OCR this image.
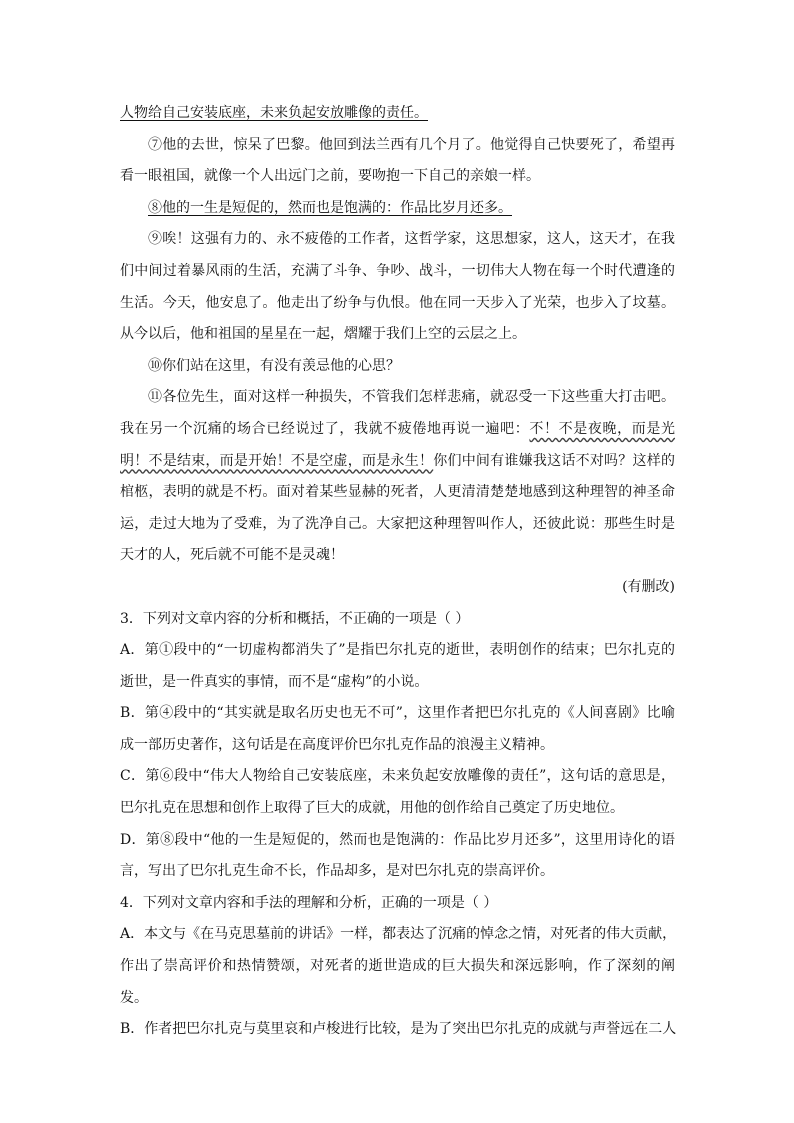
人物给自己安装底座，未来负起安放雕像的责任。
⑦他的去世，惊呆了巴黎。他回到法兰西有几个月了。他觉得自己快要死了，希望再
看一眼祖国，就像一个人出远门之前，要吻抱一下自己的亲娘一样。
⑧他的一生是短促的，然而也是饱满的：作品比岁月还多。
⑨唉！这强有力的、永不疲倦的工作者，这哲学家，这思想家，这人，这天才，在我
们中间过着暴风雨的生活，充满了斗争、争吵、战斗，一切伟大人物在每一个时代遭逢的
生活。今天，他安息了。他走出了纷争与仇恨。他在同一天步入了光荣，也步入了坟墓。
从今以后，他和祖国的星星在一起，熠耀于我们上空的云层之上。
⑩你们站在这里，有没有羡忌他的心思？
⑪各位先生，面对这样一种损失，不管我们怎样悲痛，就忍受一下这些重大打击吧。
我在另一个沉痛的场合已经说过了，我就不疲倦地再说一遍吧：不！不是夜晚，而是光
明！不是结束，而是开始！不是空虚，而是永生！你们中间有谁嫌我这话不对吗？这样的
棺柩，表明的就是不朽。面对着某些显赫的死者，人更清清楚楚地感到这种理智的神圣命
运，走过大地为了受难，为了洗净自己。大家把这种理智叫作人，还彼此说：那些生时是
天才的人，死后就不可能不是灵魂！
(有删改)
3．下列对文章内容的分析和概括，不正确的一项是（ ）
A．第①段中的“一切虚构都消失了”是指巴尔扎克的逝世，表明创作的结束；巴尔扎克的
逝世，是一件真实的事情，而不是“虚构”的小说。
B．第④段中的“其实就是取名历史也无不可”，这里作者把巴尔扎克的《人间喜剧》比喻
成一部历史著作，这句话是在高度评价巴尔扎克作品的浪漫主义精神。
C．第⑥段中“伟大人物给自己安装底座，未来负起安放雕像的责任”，这句话的意思是，
巴尔扎克在思想和创作上取得了巨大的成就，用他的创作给自己奠定了历史地位。
D．第⑧段中“他的一生是短促的，然而也是饱满的：作品比岁月还多”，这里用诗化的语
言，写出了巴尔扎克生命不长，作品却多，是对巴尔扎克的崇高评价。
4．下列对文章内容和手法的理解和分析，正确的一项是（ ）
A．本文与《在马克思墓前的讲话》一样，都表达了沉痛的悼念之情，对死者的伟大贡献，
作出了崇高评价和热情赞颂，对死者的逝世造成的巨大损失和深远影响，作了深刻的阐
发。
B．作者把巴尔扎克与莫里哀和卢梭进行比较，是为了突出巴尔扎克的成就与声誉远在二人
